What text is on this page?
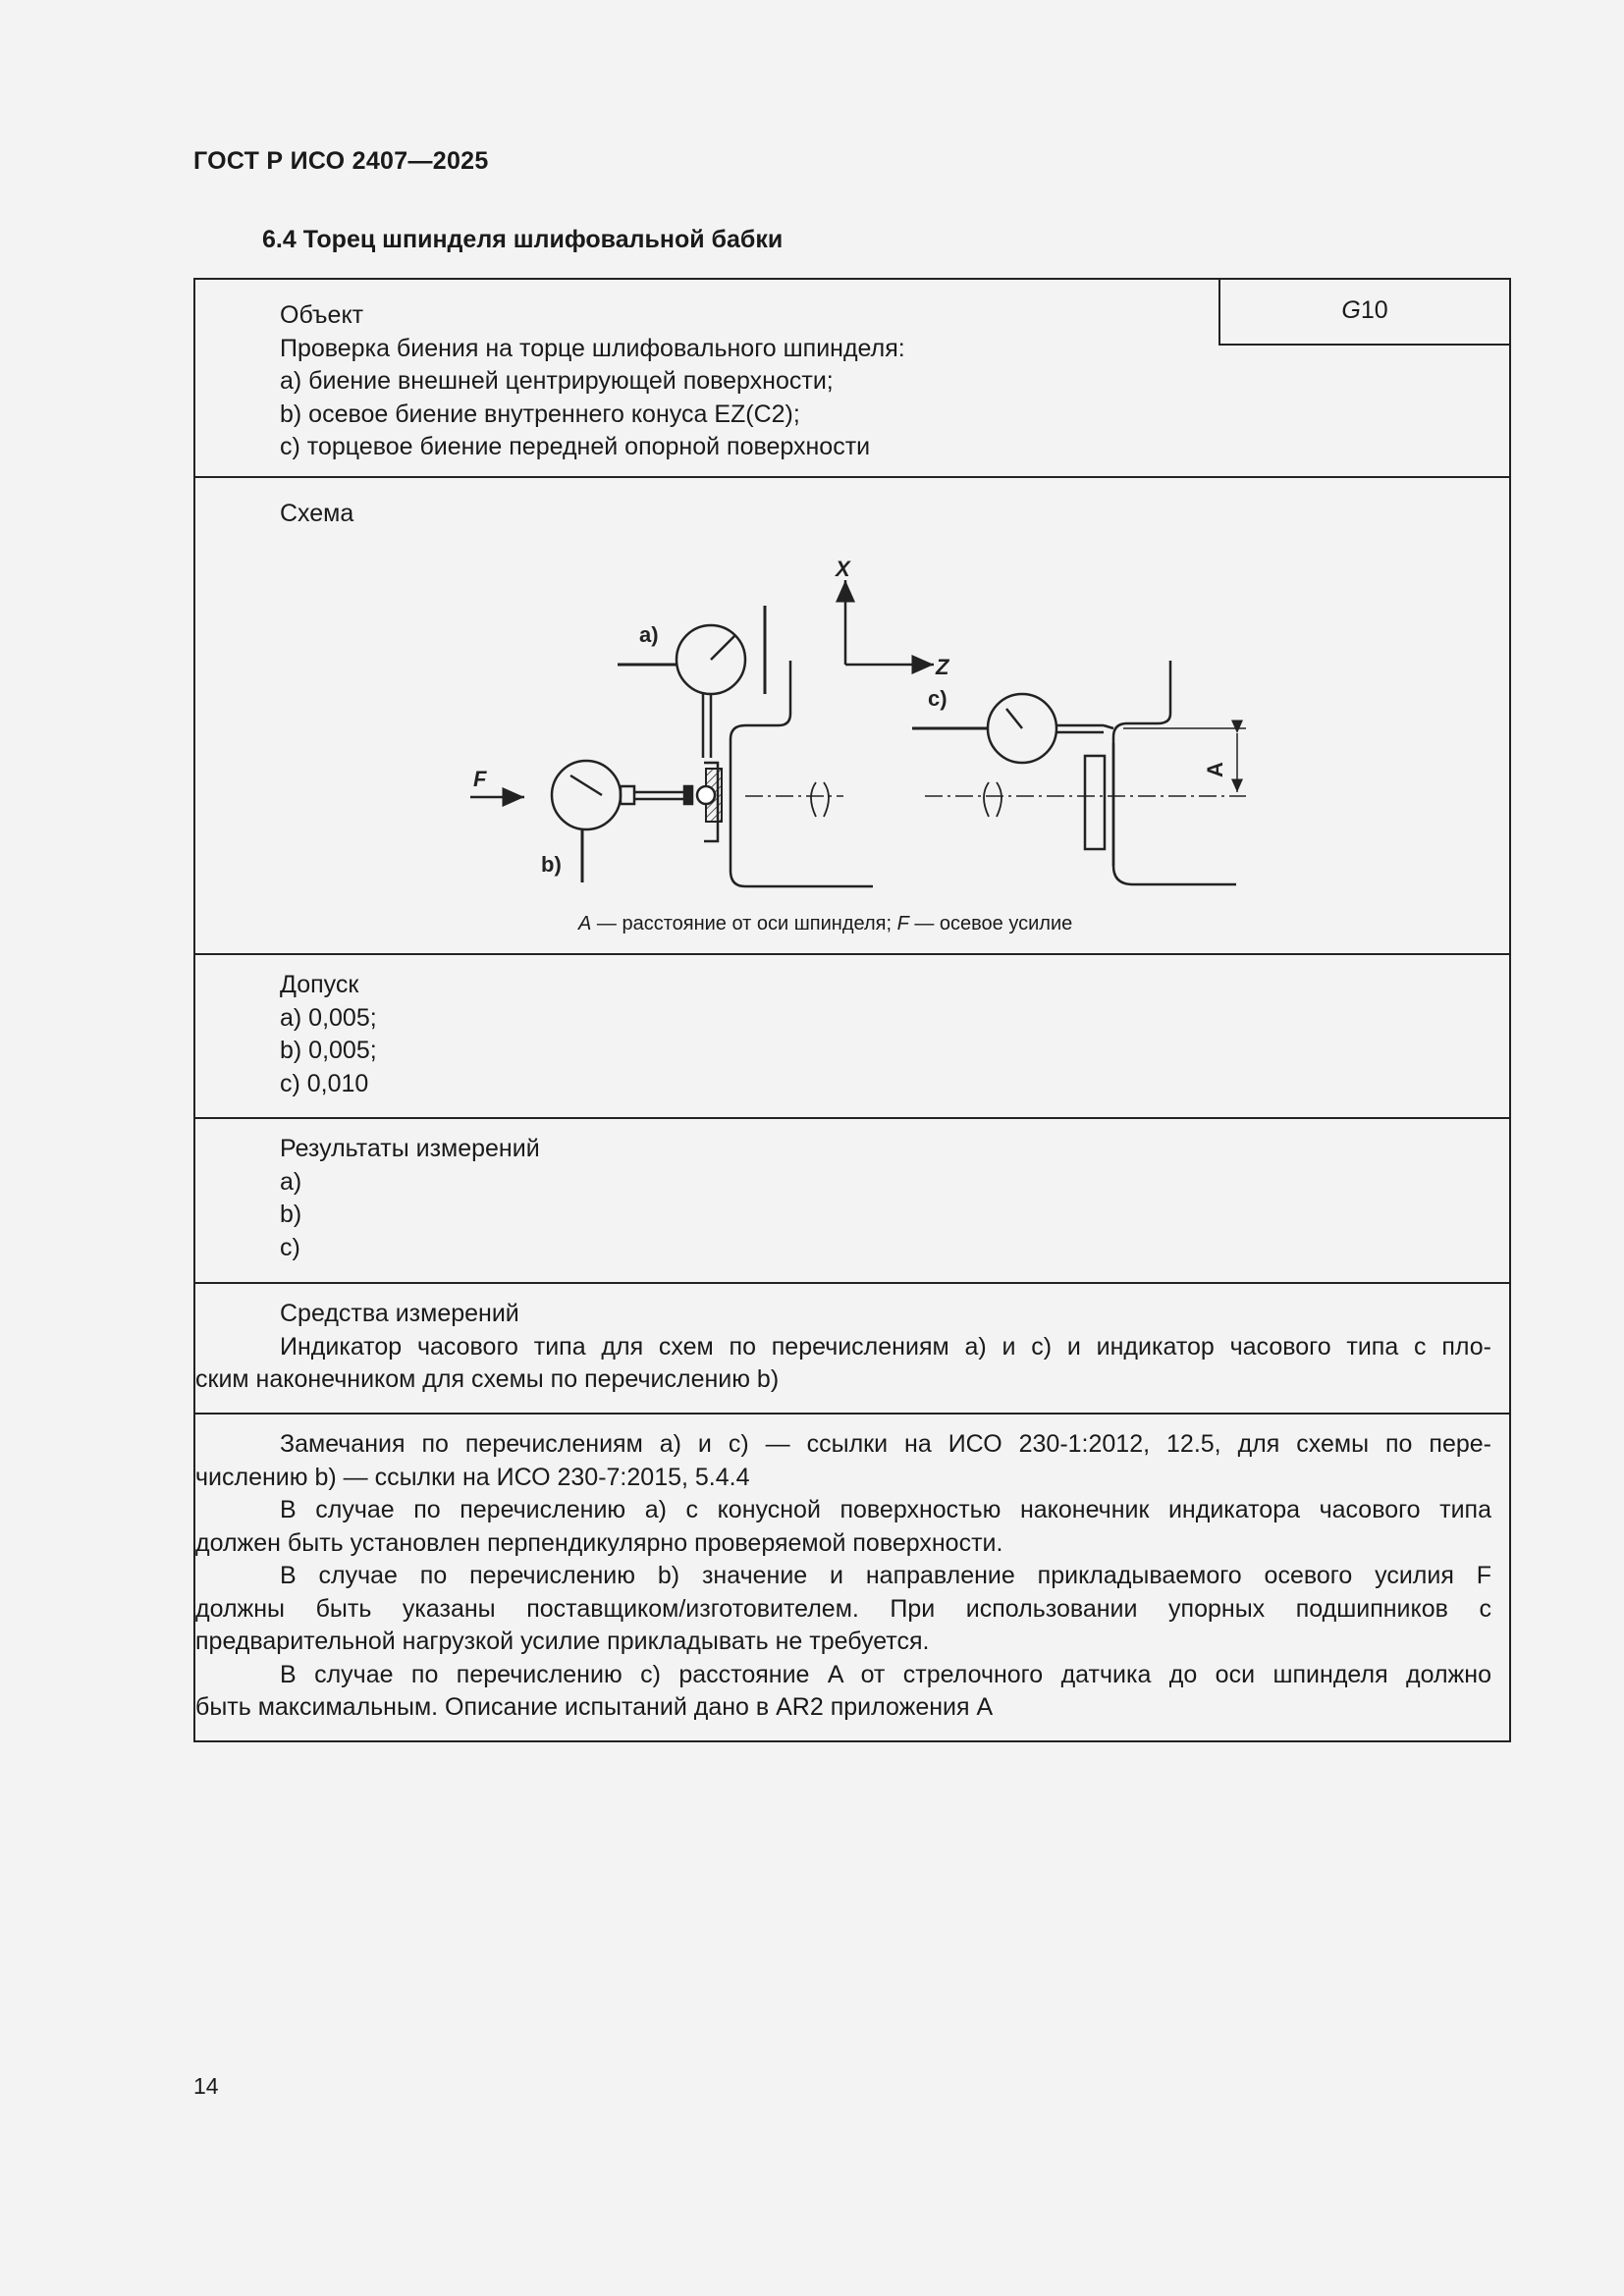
ГОСТ Р ИСО 2407—2025
6.4 Торец шпинделя шлифовальной бабки
Объект
Проверка биения на торце шлифовального шпинделя:
а) биение внешней центрирующей поверхности;
b) осевое биение внутреннего конуса EZ(C2);
c) торцевое биение передней опорной поверхности
G10
Схема
X
Z
a)
c)
F
b)
A
A — расстояние от оси шпинделя; F — осевое усилие
Допуск
а) 0,005;
b) 0,005;
c) 0,010
Результаты измерений
а)
b)
c)
Средства измерений
Индикатор часового типа для схем по перечислениям а) и с) и индикатор часового типа с пло-
ским наконечником для схемы по перечислению b)
Замечания по перечислениям а) и с) — ссылки на ИСО 230-1:2012, 12.5, для схемы по пере-
числению b) — ссылки на ИСО 230-7:2015, 5.4.4
В случае по перечислению а) с конусной поверхностью наконечник индикатора часового типа
должен быть установлен перпендикулярно проверяемой поверхности.
В случае по перечислению b) значение и направление прикладываемого осевого усилия F
должны быть указаны поставщиком/изготовителем. При использовании упорных подшипников с
предварительной нагрузкой усилие прикладывать не требуется.
В случае по перечислению с) расстояние A от стрелочного датчика до оси шпинделя должно
быть максимальным. Описание испытаний дано в AR2 приложения А
14
